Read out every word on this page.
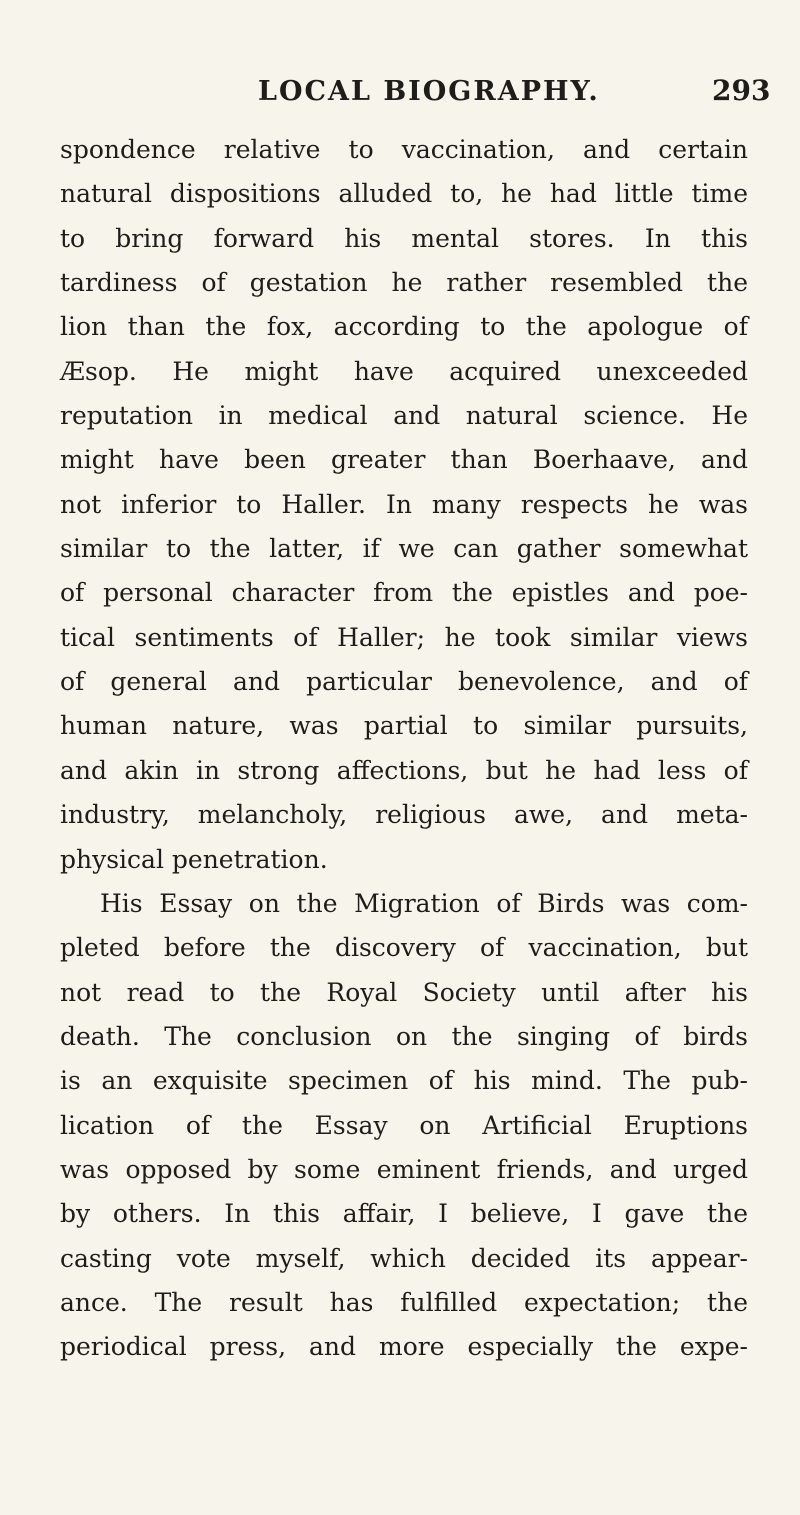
LOCAL BIOGRAPHY.	293
spondence relative to vaccination, and certain
natural dispositions alluded to, he had little time
to bring forward his mental stores. In this
tardiness of gestation he rather resembled the
lion than the fox, according to the apologue of
Æsop. He might have acquired unexceeded
reputation in medical and natural science. He
might have been greater than Boerhaave, and
not inferior to Haller. In many respects he was
similar to the latter, if we can gather somewhat
of personal character from the epistles and poe-
tical sentiments of Haller; he took similar views
of general and particular benevolence, and of
human nature, was partial to similar pursuits,
and akin in strong affections, but he had less of
industry, melancholy, religious awe, and meta-
physical penetration.
His Essay on the Migration of Birds was com-
pleted before the discovery of vaccination, but
not read to the Royal Society until after his
death. The conclusion on the singing of birds
is an exquisite specimen of his mind. The pub-
lication of the Essay on Artificial Eruptions
was opposed by some eminent friends, and urged
by others. In this affair, I believe, I gave the
casting vote myself, which decided its appear-
ance. The result has fulfilled expectation; the
periodical press, and more especially the expe-
